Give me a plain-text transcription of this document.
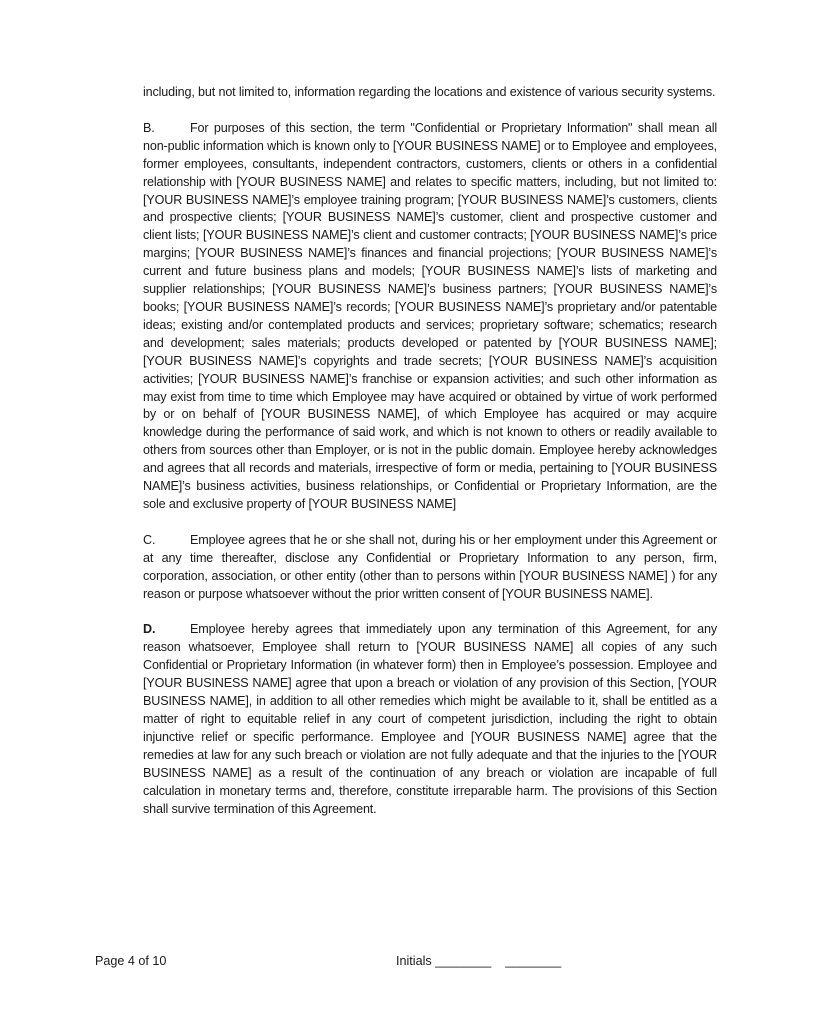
including, but not limited to, information regarding the locations and existence of various security systems.

B.	For purposes of this section, the term "Confidential or Proprietary Information" shall mean all non-public information which is known only to [YOUR BUSINESS NAME] or to Employee and employees, former employees, consultants, independent contractors, customers, clients or others in a confidential relationship with [YOUR BUSINESS NAME] and relates to specific matters, including, but not limited to: [YOUR BUSINESS NAME]’s employee training program; [YOUR BUSINESS NAME]’s customers, clients and prospective clients; [YOUR BUSINESS NAME]’s customer, client and prospective customer and client lists; [YOUR BUSINESS NAME]’s client and customer contracts; [YOUR BUSINESS NAME]’s price margins; [YOUR BUSINESS NAME]’s finances and financial projections; [YOUR BUSINESS NAME]’s current and future business plans and models; [YOUR BUSINESS NAME]’s lists of marketing and supplier relationships; [YOUR BUSINESS NAME]’s business partners; [YOUR BUSINESS NAME]’s books; [YOUR BUSINESS NAME]’s records; [YOUR BUSINESS NAME]’s proprietary and/or patentable ideas; existing and/or contemplated products and services; proprietary software; schematics; research and development; sales materials; products developed or patented by [YOUR BUSINESS NAME]; [YOUR BUSINESS NAME]’s copyrights and trade secrets; [YOUR BUSINESS NAME]’s acquisition activities; [YOUR BUSINESS NAME]’s franchise or expansion activities; and such other information as may exist from time to time which Employee may have acquired or obtained by virtue of work performed by or on behalf of [YOUR BUSINESS NAME], of which Employee has acquired or may acquire knowledge during the performance of said work, and which is not known to others or readily available to others from sources other than Employer, or is not in the public domain. Employee hereby acknowledges and agrees that all records and materials, irrespective of form or media, pertaining to [YOUR BUSINESS NAME]’s business activities, business relationships, or Confidential or Proprietary Information, are the sole and exclusive property of [YOUR BUSINESS NAME]

C.	Employee agrees that he or she shall not, during his or her employment under this Agreement or at any time thereafter, disclose any Confidential or Proprietary Information to any person, firm, corporation, association, or other entity (other than to persons within [YOUR BUSINESS NAME] ) for any reason or purpose whatsoever without the prior written consent of [YOUR BUSINESS NAME].

D.	Employee hereby agrees that immediately upon any termination of this Agreement, for any reason whatsoever, Employee shall return to [YOUR BUSINESS NAME] all copies of any such Confidential or Proprietary Information (in whatever form) then in Employee’s possession. Employee and [YOUR BUSINESS NAME] agree that upon a breach or violation of any provision of this Section, [YOUR BUSINESS NAME], in addition to all other remedies which might be available to it, shall be entitled as a matter of right to equitable relief in any court of competent jurisdiction, including the right to obtain injunctive relief or specific performance. Employee and [YOUR BUSINESS NAME] agree that the remedies at law for any such breach or violation are not fully adequate and that the injuries to the [YOUR BUSINESS NAME] as a result of the continuation of any breach or violation are incapable of full calculation in monetary terms and, therefore, constitute irreparable harm. The provisions of this Section shall survive termination of this Agreement.

Page 4 of 10	Initials ________    ________
